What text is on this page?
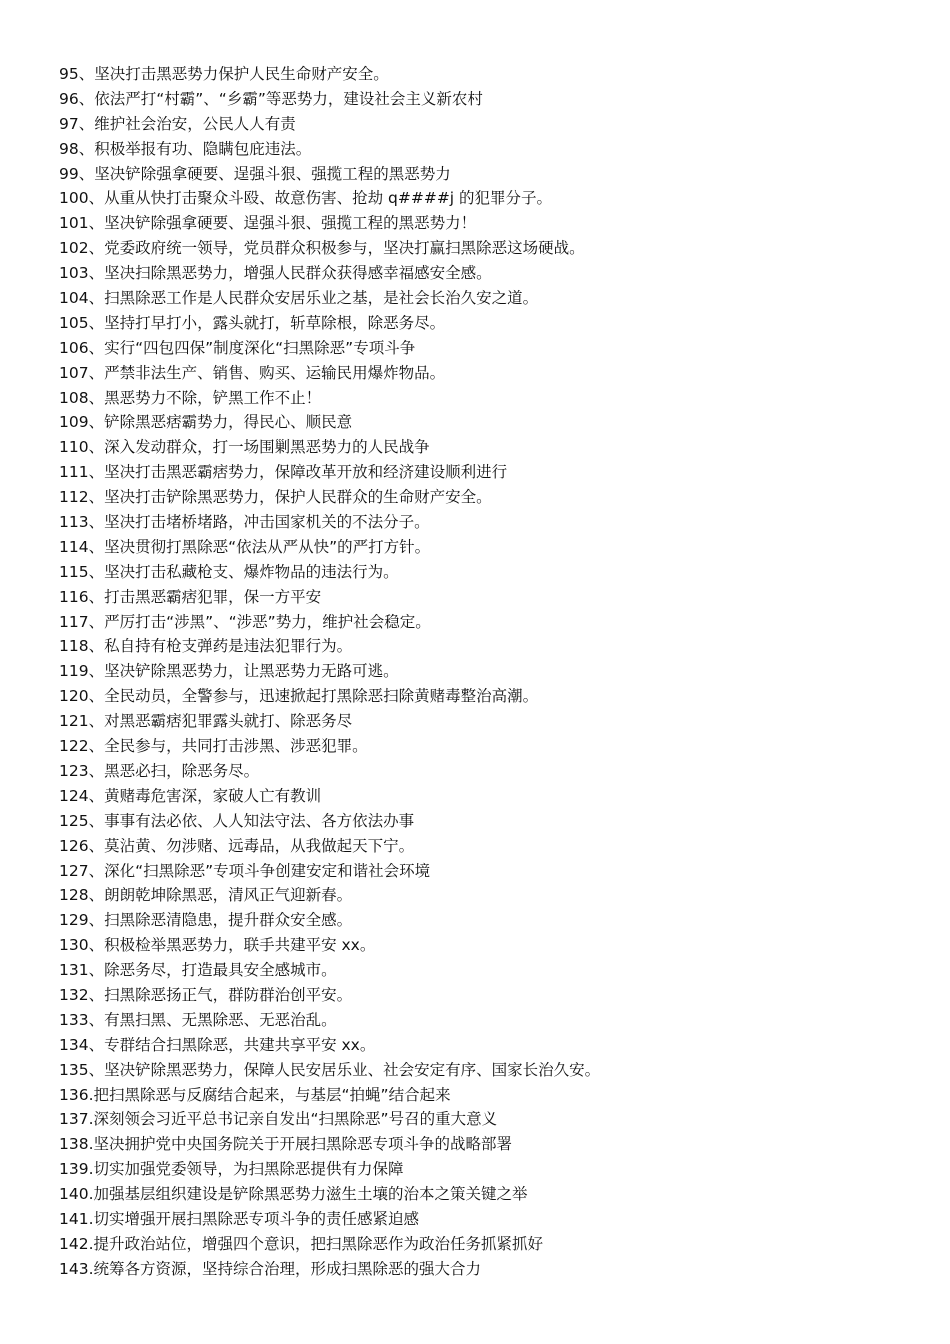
95、坚决打击黑恶势力保护人民生命财产安全。
96、依法严打“村霸”、“乡霸”等恶势力，建设社会主义新农村
97、维护社会治安，公民人人有责
98、积极举报有功、隐瞒包庇违法。
99、坚决铲除强拿硬要、逞强斗狠、强揽工程的黑恶势力
100、从重从快打击聚众斗殴、故意伤害、抢劫 q####j 的犯罪分子。
101、坚决铲除强拿硬要、逞强斗狠、强揽工程的黑恶势力！
102、党委政府统一领导，党员群众积极参与，坚决打赢扫黑除恶这场硬战。
103、坚决扫除黑恶势力，增强人民群众获得感幸福感安全感。
104、扫黑除恶工作是人民群众安居乐业之基，是社会长治久安之道。
105、坚持打早打小，露头就打，斩草除根，除恶务尽。
106、实行“四包四保”制度深化“扫黑除恶”专项斗争
107、严禁非法生产、销售、购买、运输民用爆炸物品。
108、黑恶势力不除，铲黑工作不止！
109、铲除黑恶痞霸势力，得民心、顺民意
110、深入发动群众，打一场围剿黑恶势力的人民战争
111、坚决打击黑恶霸痞势力，保障改革开放和经济建设顺利进行
112、坚决打击铲除黑恶势力，保护人民群众的生命财产安全。
113、坚决打击堵桥堵路，冲击国家机关的不法分子。
114、坚决贯彻打黑除恶“依法从严从快”的严打方针。
115、坚决打击私藏枪支、爆炸物品的违法行为。
116、打击黑恶霸痞犯罪，保一方平安
117、严厉打击“涉黑”、“涉恶”势力，维护社会稳定。
118、私自持有枪支弹药是违法犯罪行为。
119、坚决铲除黑恶势力，让黑恶势力无路可逃。
120、全民动员，全警参与，迅速掀起打黑除恶扫除黄赌毒整治高潮。
121、对黑恶霸痞犯罪露头就打、除恶务尽
122、全民参与，共同打击涉黑、涉恶犯罪。
123、黑恶必扫，除恶务尽。
124、黄赌毒危害深，家破人亡有教训
125、事事有法必依、人人知法守法、各方依法办事
126、莫沾黄、勿涉赌、远毒品，从我做起天下宁。
127、深化“扫黑除恶”专项斗争创建安定和谐社会环境
128、朗朗乾坤除黑恶，清风正气迎新春。
129、扫黑除恶清隐患，提升群众安全感。
130、积极检举黑恶势力，联手共建平安 xx。
131、除恶务尽，打造最具安全感城市。
132、扫黑除恶扬正气，群防群治创平安。
133、有黑扫黑、无黑除恶、无恶治乱。
134、专群结合扫黑除恶，共建共享平安 xx。
135、坚决铲除黑恶势力，保障人民安居乐业、社会安定有序、国家长治久安。
136.把扫黑除恶与反腐结合起来，与基层“拍蝇”结合起来
137.深刻领会习近平总书记亲自发出“扫黑除恶”号召的重大意义
138.坚决拥护党中央国务院关于开展扫黑除恶专项斗争的战略部署
139.切实加强党委领导，为扫黑除恶提供有力保障
140.加强基层组织建设是铲除黑恶势力滋生土壤的治本之策关键之举
141.切实增强开展扫黑除恶专项斗争的责任感紧迫感
142.提升政治站位，增强四个意识，把扫黑除恶作为政治任务抓紧抓好
143.统筹各方资源，坚持综合治理，形成扫黑除恶的强大合力
